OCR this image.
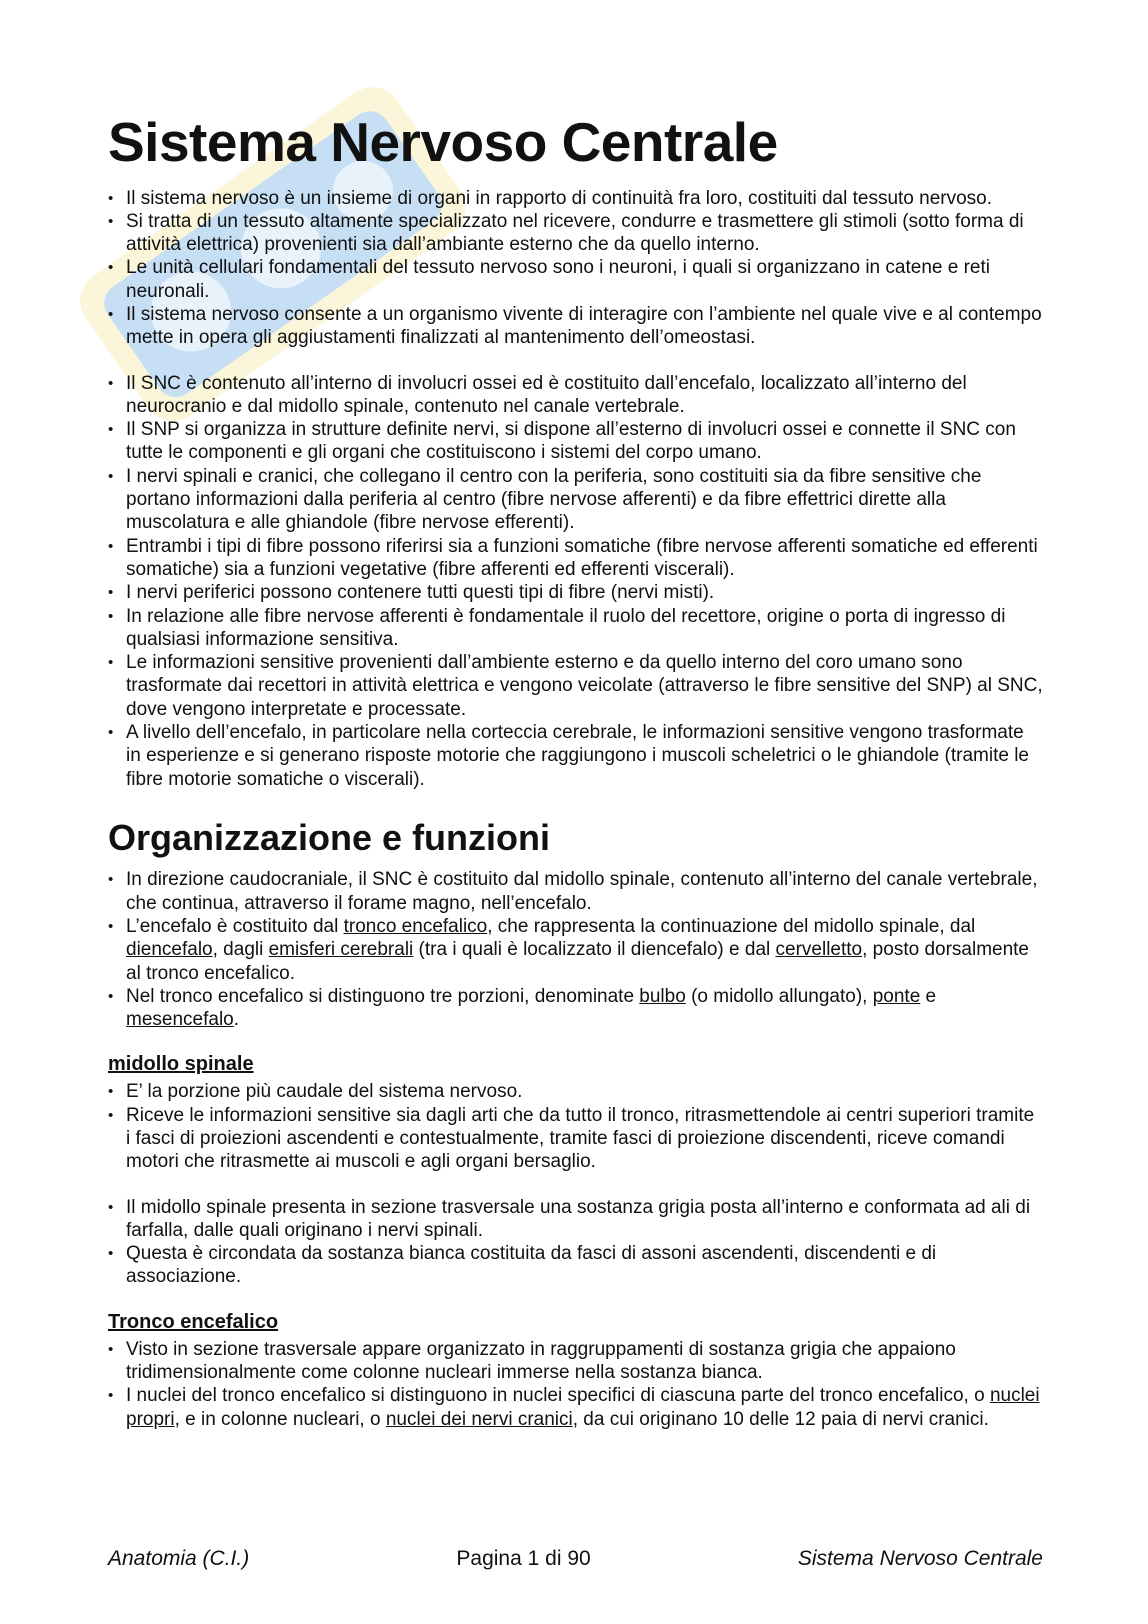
Sistema Nervoso Centrale
• Il sistema nervoso è un insieme di organi in rapporto di continuità fra loro, costituiti dal tessuto nervoso.
• Si tratta di un tessuto altamente specializzato nel ricevere, condurre e trasmettere gli stimoli (sotto forma di attività elettrica) provenienti sia dall’ambiante esterno che da quello interno.
• Le unità cellulari fondamentali del tessuto nervoso sono i neuroni, i quali si organizzano in catene e reti neuronali.
• Il sistema nervoso consente a un organismo vivente di interagire con l’ambiente nel quale vive e al contempo mette in opera gli aggiustamenti finalizzati al mantenimento dell’omeostasi.
• Il SNC è contenuto all’interno di involucri ossei ed è costituito dall’encefalo, localizzato all’interno del neurocranio e dal midollo spinale, contenuto nel canale vertebrale.
• Il SNP si organizza in strutture definite nervi, si dispone all’esterno di involucri ossei e connette il SNC con tutte le componenti e gli organi che costituiscono i sistemi del corpo umano.
• I nervi spinali e cranici, che collegano il centro con la periferia, sono costituiti sia da fibre sensitive che portano informazioni dalla periferia al centro (fibre nervose afferenti) e da fibre effettrici dirette alla muscolatura e alle ghiandole (fibre nervose efferenti).
• Entrambi i tipi di fibre possono riferirsi sia a funzioni somatiche (fibre nervose afferenti somatiche ed efferenti somatiche) sia a funzioni vegetative (fibre afferenti ed efferenti viscerali).
• I nervi periferici possono contenere tutti questi tipi di fibre (nervi misti).
• In relazione alle fibre nervose afferenti è fondamentale il ruolo del recettore, origine o porta di ingresso di qualsiasi informazione sensitiva.
• Le informazioni sensitive provenienti dall’ambiente esterno e da quello interno del coro umano sono trasformate dai recettori in attività elettrica e vengono veicolate (attraverso le fibre sensitive del SNP) al SNC, dove vengono interpretate e processate.
• A livello dell’encefalo, in particolare nella corteccia cerebrale, le informazioni sensitive vengono trasformate in esperienze e si generano risposte motorie che raggiungono i muscoli scheletrici o le ghiandole (tramite le fibre motorie somatiche o viscerali).
Organizzazione e funzioni
• In direzione caudocraniale, il SNC è costituito dal midollo spinale, contenuto all’interno del canale vertebrale, che continua, attraverso il forame magno, nell’encefalo.
• L’encefalo è costituito dal tronco encefalico, che rappresenta la continuazione del midollo spinale, dal diencefalo, dagli emisferi cerebrali (tra i quali è localizzato il diencefalo) e dal cervelletto, posto dorsalmente al tronco encefalico.
• Nel tronco encefalico si distinguono tre porzioni, denominate bulbo (o midollo allungato), ponte e mesencefalo.
midollo spinale
• E’ la porzione più caudale del sistema nervoso.
• Riceve le informazioni sensitive sia dagli arti che da tutto il tronco, ritrasmettendole ai centri superiori tramite i fasci di proiezioni ascendenti e contestualmente, tramite fasci di proiezione discendenti, riceve comandi motori che ritrasmette ai muscoli e agli organi bersaglio.
• Il midollo spinale presenta in sezione trasversale una sostanza grigia posta all’interno e conformata ad ali di farfalla, dalle quali originano i nervi spinali.
• Questa è circondata da sostanza bianca costituita da fasci di assoni ascendenti, discendenti e di associazione.
Tronco encefalico
• Visto in sezione trasversale appare organizzato in raggruppamenti di sostanza grigia che appaiono tridimensionalmente come colonne nucleari immerse nella sostanza bianca.
• I nuclei del tronco encefalico si distinguono in nuclei specifici di ciascuna parte del tronco encefalico, o nuclei propri, e in colonne nucleari, o nuclei dei nervi cranici, da cui originano 10 delle 12 paia di nervi cranici.
Anatomia (C.I.)	Pagina 1 di 90	Sistema Nervoso Centrale
